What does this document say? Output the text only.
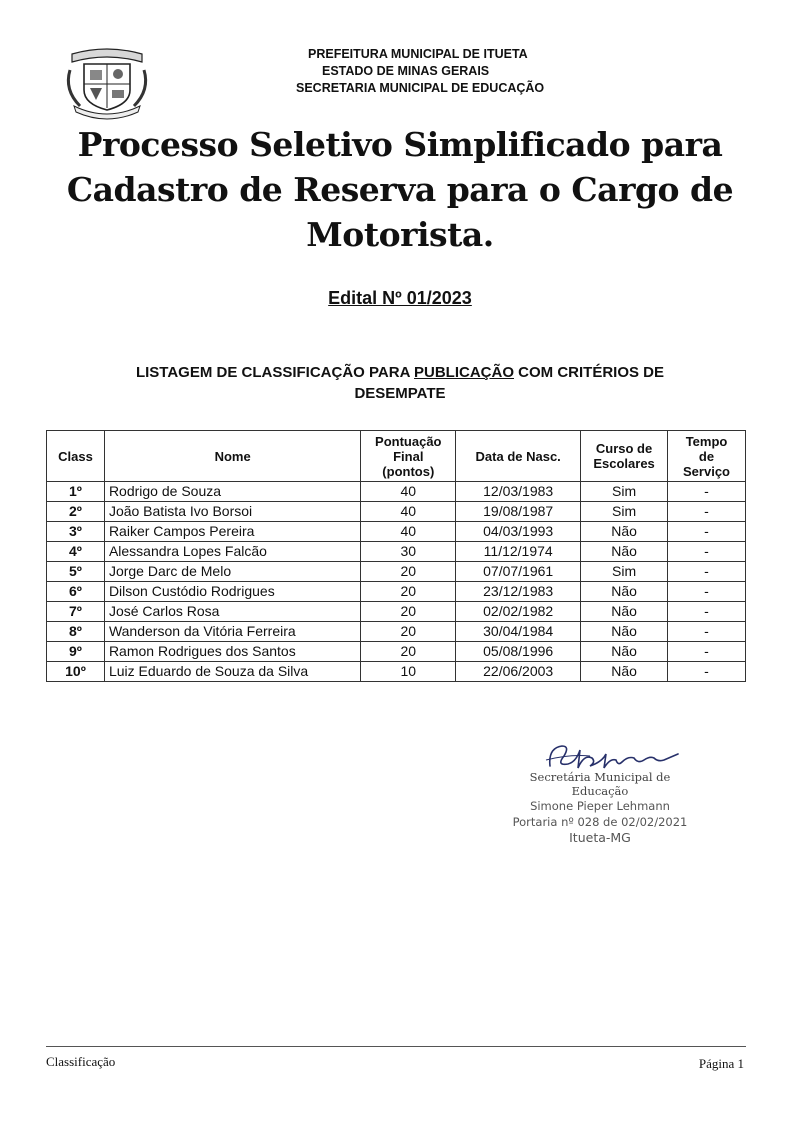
PREFEITURA MUNICIPAL DE ITUETA
ESTADO DE MINAS GERAIS
SECRETARIA MUNICIPAL DE EDUCAÇÃO
Processo Seletivo Simplificado para
Cadastro de Reserva para o Cargo de
Motorista.
Edital Nº 01/2023
LISTAGEM DE CLASSIFICAÇÃO PARA PUBLICAÇÃO COM CRITÉRIOS DE
DESEMPATE
Class	Nome	Pontuação
Final
(pontos)	Data de Nasc.	Curso de
Escolares	Tempo
de
Serviço
1º	Rodrigo de Souza	40	12/03/1983	Sim	-
2º	João Batista Ivo Borsoi	40	19/08/1987	Sim	-
3º	Raiker Campos Pereira	40	04/03/1993	Não	-
4º	Alessandra Lopes Falcão	30	11/12/1974	Não	-
5º	Jorge Darc de Melo	20	07/07/1961	Sim	-
6º	Dilson Custódio Rodrigues	20	23/12/1983	Não	-
7º	José Carlos Rosa	20	02/02/1982	Não	-
8º	Wanderson da Vitória Ferreira	20	30/04/1984	Não	-
9º	Ramon Rodrigues dos Santos	20	05/08/1996	Não	-
10º	Luiz Eduardo de Souza da Silva	10	22/06/2003	Não	-
Secretária Municipal de Educação
Simone Pieper Lehmann
Portaria nº 028 de 02/02/2021
Itueta-MG
Classificação	Página 1
